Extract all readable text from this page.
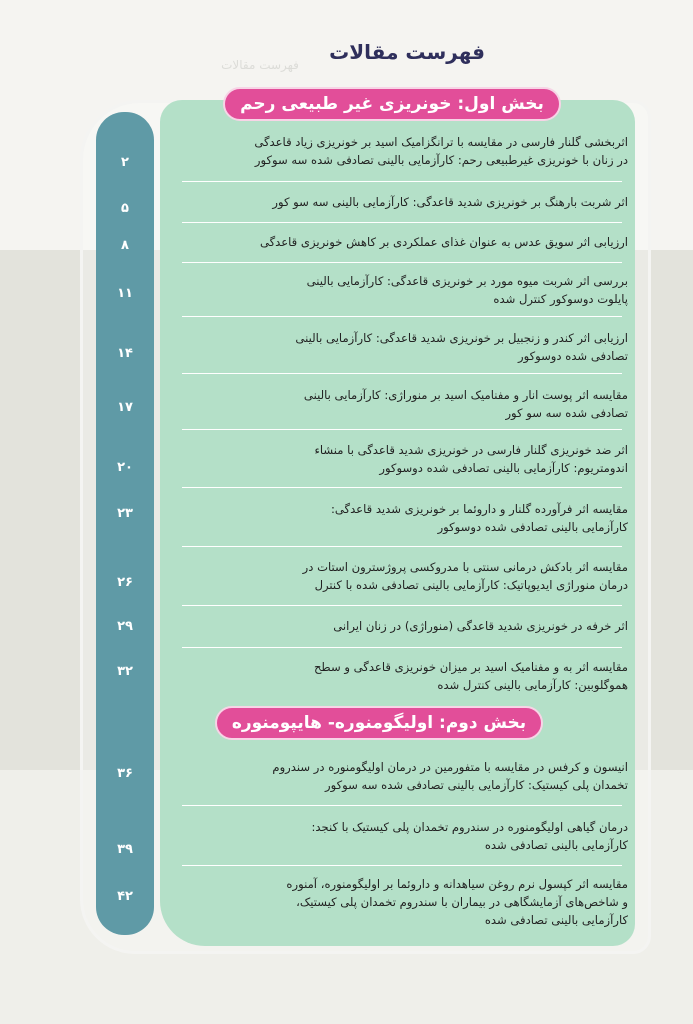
فهرست مقالات
فهرست مقالات
بخش اول: خونریزی غیر طبیعی رحم
بخش دوم: اولیگومنوره- هایپومنوره
۲
۵
۸
۱۱
۱۴
۱۷
۲۰
۲۳
۲۶
۲۹
۳۲
۳۶
۳۹
۴۲
اثربخشی گلنار فارسی در مقایسه با ترانگزامیک اسید بر خونریزی زیاد قاعدگی
در زنان با خونریزی غیرطبیعی رحم: کارآزمایی بالینی تصادفی شده سه سوکور
اثر شربت بارهنگ بر خونریزی شدید قاعدگی: کارآزمایی بالینی سه سو کور
ارزیابی اثر سویق عدس به عنوان غذای عملکردی بر کاهش خونریزی قاعدگی
بررسی اثر شربت میوه مورد بر خونریزی قاعدگی: کارآزمایی بالینی
پایلوت دوسوکور کنترل شده
ارزیابی اثر کندر و زنجبیل بر خونریزی شدید قاعدگی: کارآزمایی بالینی
تصادفی شده دوسوکور
مقایسه اثر پوست انار و مفنامیک اسید بر منوراژی: کارآزمایی بالینی
تصادفی شده سه سو کور
اثر ضد خونریزی گلنار فارسی در خونریزی شدید قاعدگی با منشاء
اندومتریوم: کارآزمایی بالینی تصادفی شده دوسوکور
مقایسه اثر فرآورده گلنار و داروئما بر خونریزی شدید قاعدگی:
کارآزمایی بالینی تصادفی شده دوسوکور
مقایسه اثر بادکش درمانی سنتی با مدروکسی پروژسترون استات در
درمان منوراژی ایدیوپاتیک: کارآزمایی بالینی تصادفی شده با کنترل
اثر خرفه در خونریزی شدید قاعدگی (منوراژی) در زنان ایرانی
مقایسه اثر به و مفنامیک اسید بر میزان خونریزی قاعدگی و سطح
هموگلوبین: کارآزمایی بالینی کنترل شده
انیسون و کرفس در مقایسه با متفورمین در درمان اولیگومنوره در سندروم
تخمدان پلی کیستیک: کارآزمایی بالینی تصادفی شده سه سوکور
درمان گیاهی اولیگومنوره در سندروم تخمدان پلی کیستیک با کنجد:
کارآزمایی بالینی تصادفی شده
مقایسه اثر کپسول نرم روغن سیاهدانه و داروئما بر اولیگومنوره، آمنوره
و شاخص‌های آزمایشگاهی در بیماران با سندروم تخمدان پلی کیستیک،
کارآزمایی بالینی تصادفی شده
